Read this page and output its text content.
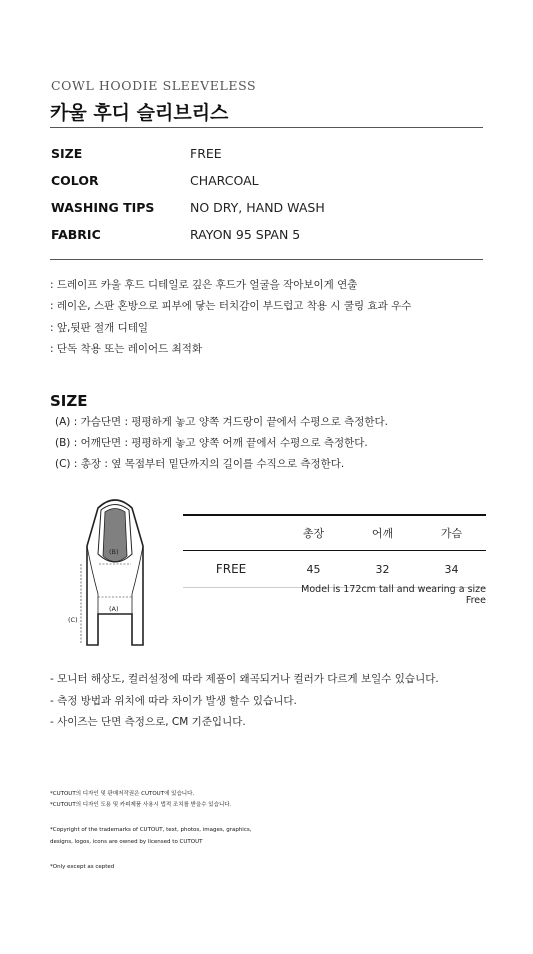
COWL HOODIE SLEEVELESS
카울 후디 슬리브리스
SIZE	FREE
COLOR	CHARCOAL
WASHING TIPS	NO DRY, HAND WASH
FABRIC	RAYON 95 SPAN 5
: 드레이프 카울 후드 디테일로 깊은 후드가 얼굴을 작아보이게 연출
: 레이온, 스판 혼방으로 피부에 닿는 터치감이 부드럽고 착용 시 쿨링 효과 우수
: 앞,뒷판 절개 디테일
: 단독 착용 또는 레이어드 최적화
SIZE
(A) : 가슴단면 : 평평하게 놓고 양쪽 겨드랑이 끝에서 수평으로 측정한다.
(B) : 어깨단면 : 평평하게 놓고 양쪽 어깨 끝에서 수평으로 측정한다.
(C) : 총장 : 옆 목점부터 밑단까지의 길이를 수직으로 측정한다.
(B)
(A)
(C)
	총장	어깨	가슴
FREE	45	32	34
Model is 172cm tall and wearing a size Free
- 모니터 해상도, 컬러설정에 따라 제품이 왜곡되거나 컬러가 다르게 보일수 있습니다.
- 측정 방법과 위치에 따라 차이가 발생 할수 있습니다.
- 사이즈는 단면 측정으로, CM 기준입니다.
*CUTOUT의 디자인 및 판매저작권은 CUTOUT에 있습니다.
*CUTOUT의 디자인 도용 및 카피제품 사용시 법적 조치를 받을수 있습니다.
*Copyright of the trademarks of CUTOUT, text, photos, images, graphics,
designs, logos, icons are owned by licensed to CUTOUT
*Only except as cepted
